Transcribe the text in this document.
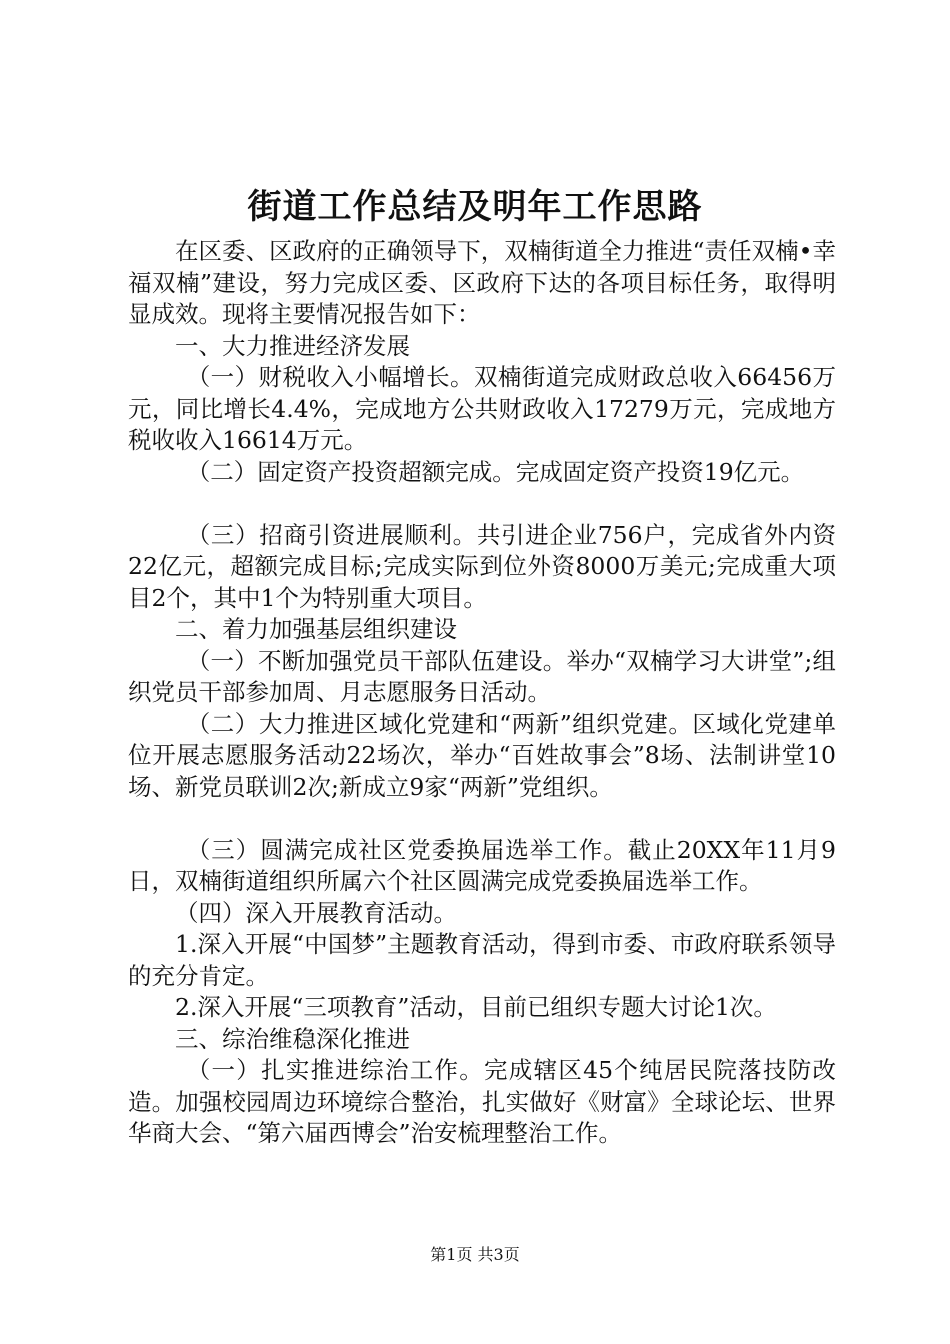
街道工作总结及明年工作思路

在区委、区政府的正确领导下，双楠街道全力推进“责任双楠•幸福双楠”建设，努力完成区委、区政府下达的各项目标任务，取得明显成效。现将主要情况报告如下：

一、大力推进经济发展

（一）财税收入小幅增长。双楠街道完成财政总收入66456万元，同比增长4.4%，完成地方公共财政收入17279万元，完成地方税收收入16614万元。

（二）固定资产投资超额完成。完成固定资产投资19亿元。

（三）招商引资进展顺利。共引进企业756户，完成省外内资22亿元，超额完成目标;完成实际到位外资8000万美元;完成重大项目2个，其中1个为特别重大项目。

二、着力加强基层组织建设

（一）不断加强党员干部队伍建设。举办“双楠学习大讲堂”;组织党员干部参加周、月志愿服务日活动。

（二）大力推进区域化党建和“两新”组织党建。区域化党建单位开展志愿服务活动22场次，举办“百姓故事会”8场、法制讲堂10场、新党员联训2次;新成立9家“两新”党组织。

（三）圆满完成社区党委换届选举工作。截止20XX年11月9日，双楠街道组织所属六个社区圆满完成党委换届选举工作。

（四）深入开展教育活动。

1.深入开展“中国梦”主题教育活动，得到市委、市政府联系领导的充分肯定。

2.深入开展“三项教育”活动，目前已组织专题大讨论1次。

三、综治维稳深化推进

（一）扎实推进综治工作。完成辖区45个纯居民院落技防改造。加强校园周边环境综合整治，扎实做好《财富》全球论坛、世界华商大会、“第六届西博会”治安梳理整治工作。

第1页 共3页
